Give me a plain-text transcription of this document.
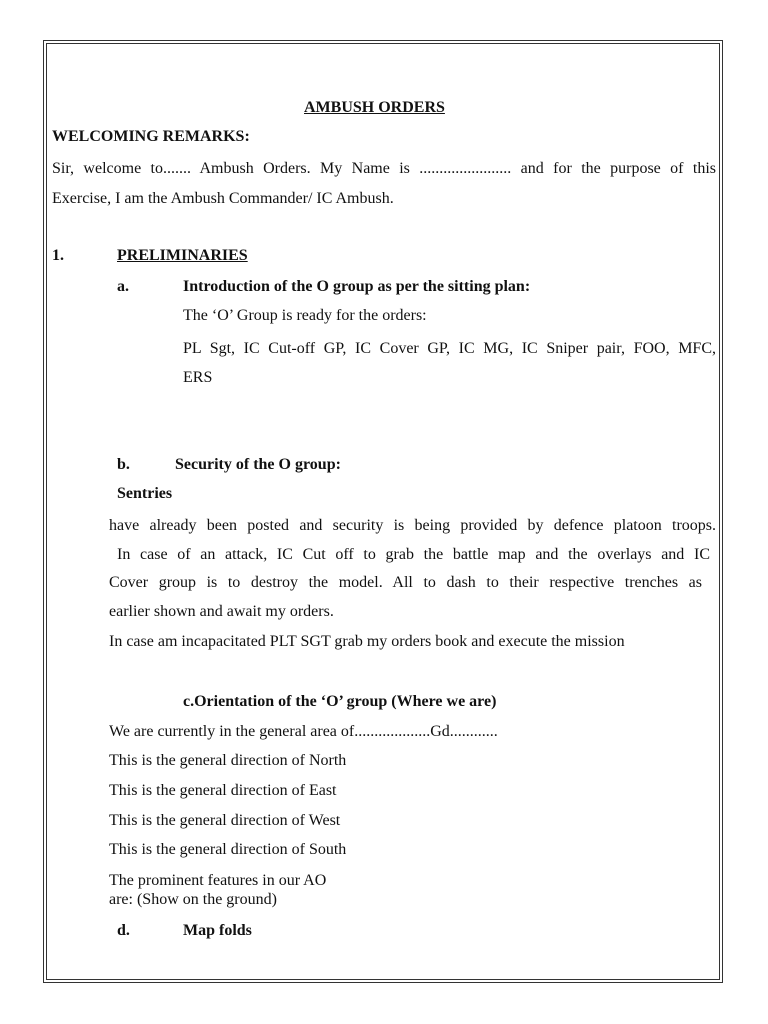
AMBUSH ORDERS
WELCOMING REMARKS:
Sir, welcome to....... Ambush Orders. My Name is ....................... and for the purpose of this
Exercise, I am the Ambush Commander/ IC Ambush.
1.	PRELIMINARIES
a.	Introduction of the O group as per the sitting plan:
The ‘O’ Group is ready for the orders:
PL Sgt, IC Cut-off GP, IC Cover GP, IC MG, IC Sniper pair, FOO, MFC,
ERS
b.	Security of the O group:
Sentries
have already been posted and security is being provided by defence platoon troops.
In case of an attack, IC Cut off to grab the battle map and the overlays and IC
Cover group is to destroy the model. All to dash to their respective trenches as
earlier shown and await my orders.
In case am incapacitated PLT SGT grab my orders book and execute the mission
c.Orientation of the ‘O’ group (Where we are)
We are currently in the general area of...................Gd............
This is the general direction of North
This is the general direction of East
This is the general direction of West
This is the general direction of South
The prominent features in our AO
are: (Show on the ground)
d.	Map folds
